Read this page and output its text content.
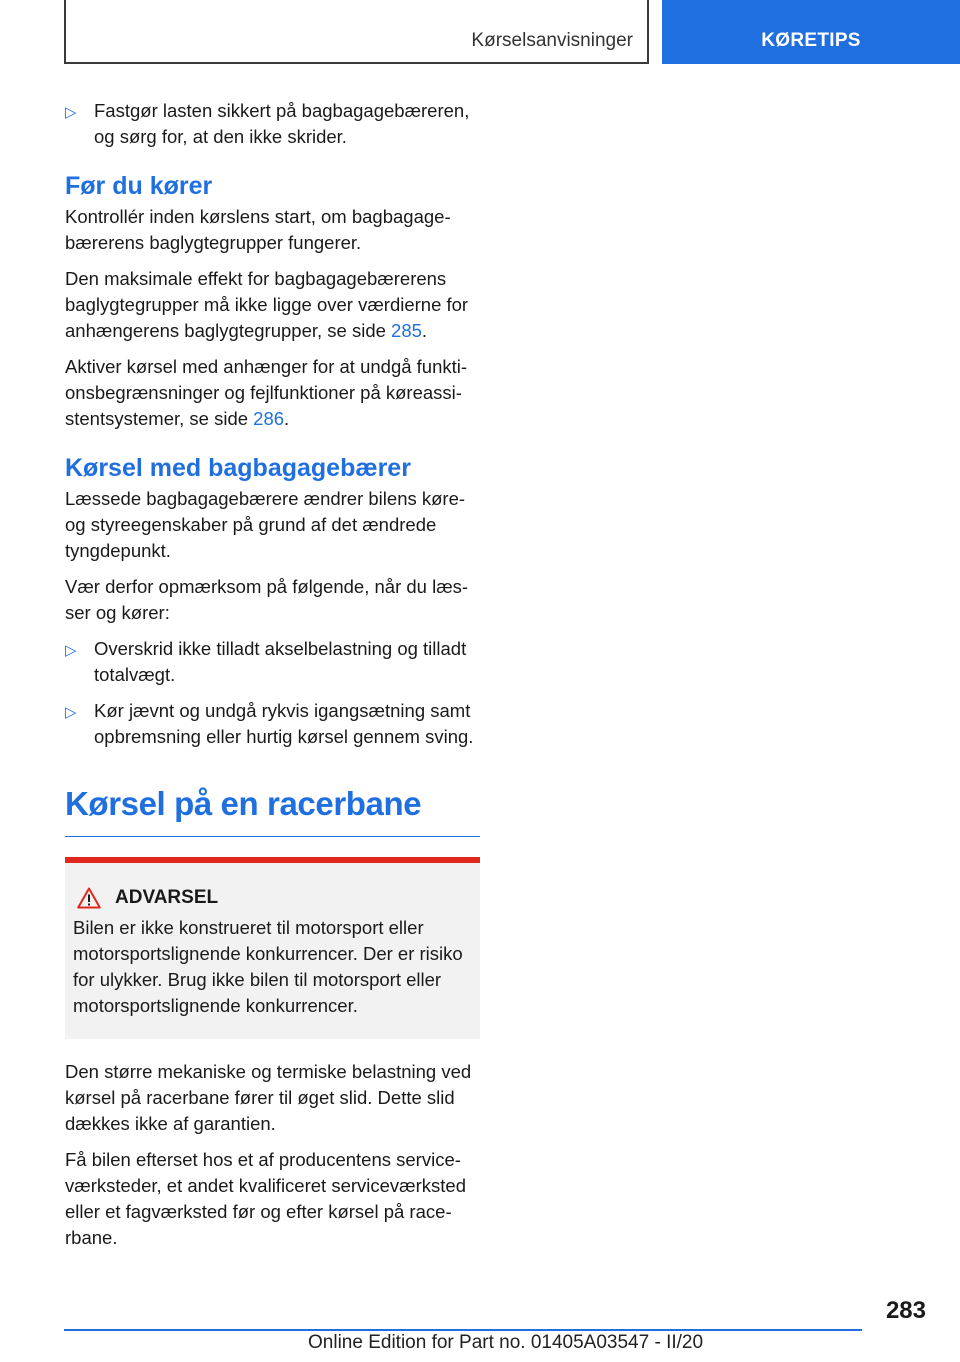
Kørselsanvisninger	KØRETIPS
▷ Fastgør lasten sikkert på bagbagagebæreren, og sørg for, at den ikke skrider.
Før du kører

Kontrollér inden kørslens start, om bagbagagebærerens baglygtegrupper fungerer.

Den maksimale effekt for bagbagagebærerens baglygtegrupper må ikke ligge over værdierne for anhængerens baglygtegrupper, se side 285.

Aktiver kørsel med anhænger for at undgå funktionsbegrænsninger og fejlfunktioner på køreassistentsystemer, se side 286.

Kørsel med bagbagagebærer

Læssede bagbagagebærere ændrer bilens køre- og styreegenskaber på grund af det ændrede tyngdepunkt.

Vær derfor opmærksom på følgende, når du læsser og kører:

▷ Overskrid ikke tilladt akselbelastning og tilladt totalvægt.
▷ Kør jævnt og undgå rykvis igangsætning samt opbremsning eller hurtig kørsel gennem sving.
Kørsel på en racerbane
ADVARSEL
Bilen er ikke konstrueret til motorsport eller motorsportslignende konkurrencer. Der er risiko for ulykker. Brug ikke bilen til motorsport eller motorsportslignende konkurrencer.

Den større mekaniske og termiske belastning ved kørsel på racerbane fører til øget slid. Dette slid dækkes ikke af garantien.

Få bilen efterset hos et af producentens serviceværksteder, et andet kvalificeret serviceværksted eller et fagværksted før og efter kørsel på racerbane.

283
Online Edition for Part no. 01405A03547 - II/20
